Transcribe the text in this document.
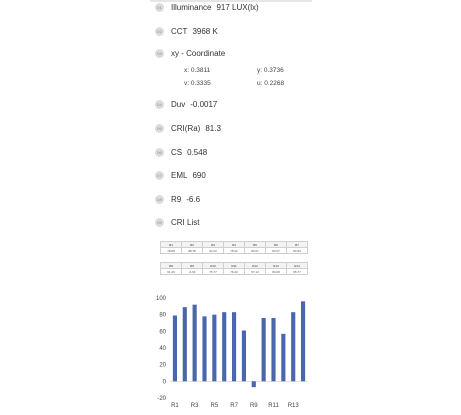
01 Illuminance 917 LUX(lx)
02 CCT 3968 K
03 xy - Coordinate
x: 0.3811	y: 0.3736
v: 0.3335	u: 0.2268
04 Duv -0.0017
05 CRI(Ra) 81.3
06 CS 0.548
07 EML 690
08 R9 -6.6
09 CRI List
R1	R2	R3	R4	R5	R6	R7
78.88	88.78	92.22	78.22	80.07	83.07	82.83
R8	R9	R10	R11	R12	R13	R14
61.49	-6.63	75.77	76.22	57.12	83.08	95.77
100
80
60
40
20
0
-20
R1 R3 R5 R7 R9 R11 R13
